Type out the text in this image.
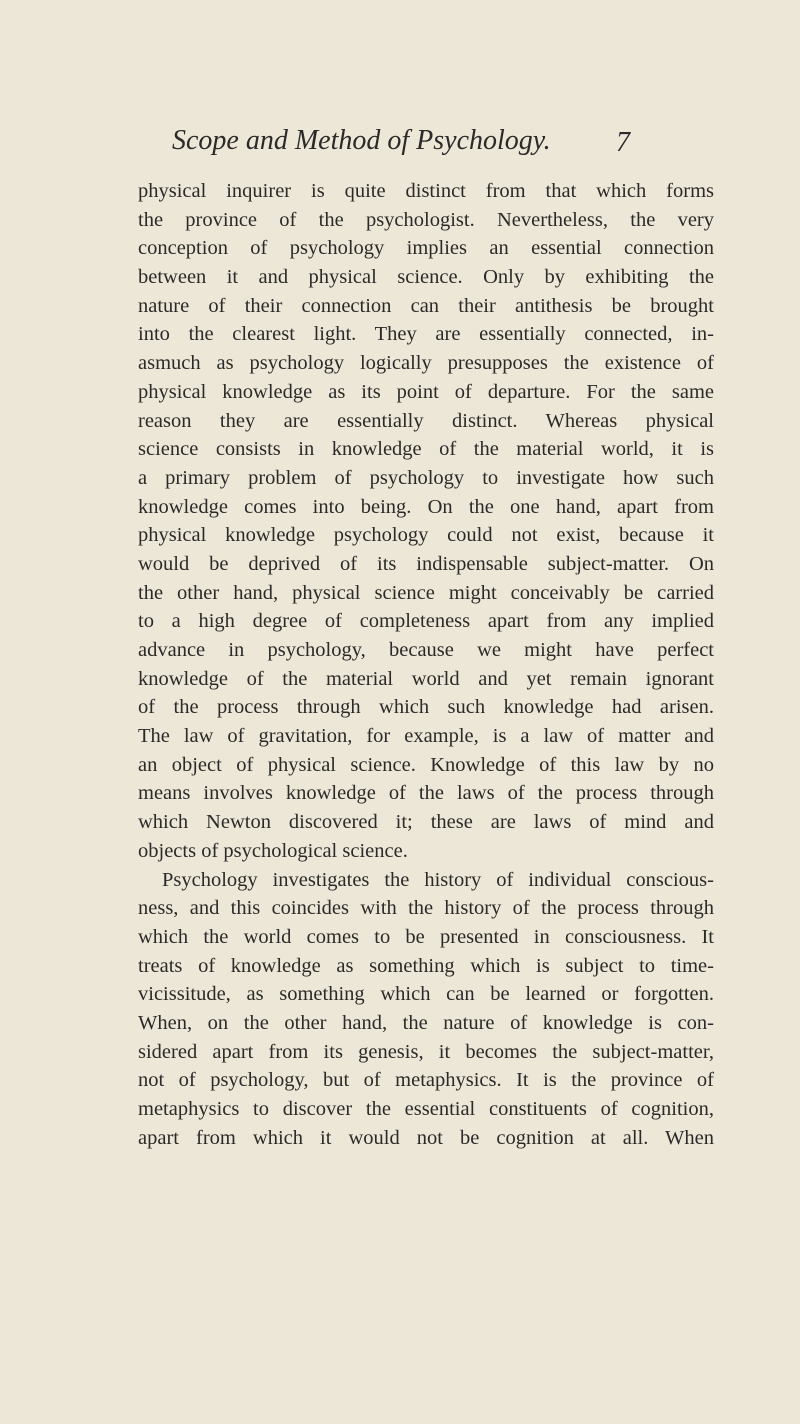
Scope and Method of Psychology.	7
physical inquirer is quite distinct from that which forms
the province of the psychologist. Nevertheless, the very
conception of psychology implies an essential connection
between it and physical science. Only by exhibiting the
nature of their connection can their antithesis be brought
into the clearest light. They are essentially connected, in-
asmuch as psychology logically presupposes the existence of
physical knowledge as its point of departure. For the same
reason they are essentially distinct. Whereas physical
science consists in knowledge of the material world, it is
a primary problem of psychology to investigate how such
knowledge comes into being. On the one hand, apart from
physical knowledge psychology could not exist, because it
would be deprived of its indispensable subject-matter. On
the other hand, physical science might conceivably be carried
to a high degree of completeness apart from any implied
advance in psychology, because we might have perfect
knowledge of the material world and yet remain ignorant
of the process through which such knowledge had arisen.
The law of gravitation, for example, is a law of matter and
an object of physical science. Knowledge of this law by no
means involves knowledge of the laws of the process through
which Newton discovered it; these are laws of mind and
objects of psychological science.
Psychology investigates the history of individual conscious-
ness, and this coincides with the history of the process through
which the world comes to be presented in consciousness. It
treats of knowledge as something which is subject to time-
vicissitude, as something which can be learned or forgotten.
When, on the other hand, the nature of knowledge is con-
sidered apart from its genesis, it becomes the subject-matter,
not of psychology, but of metaphysics. It is the province of
metaphysics to discover the essential constituents of cognition,
apart from which it would not be cognition at all. When
